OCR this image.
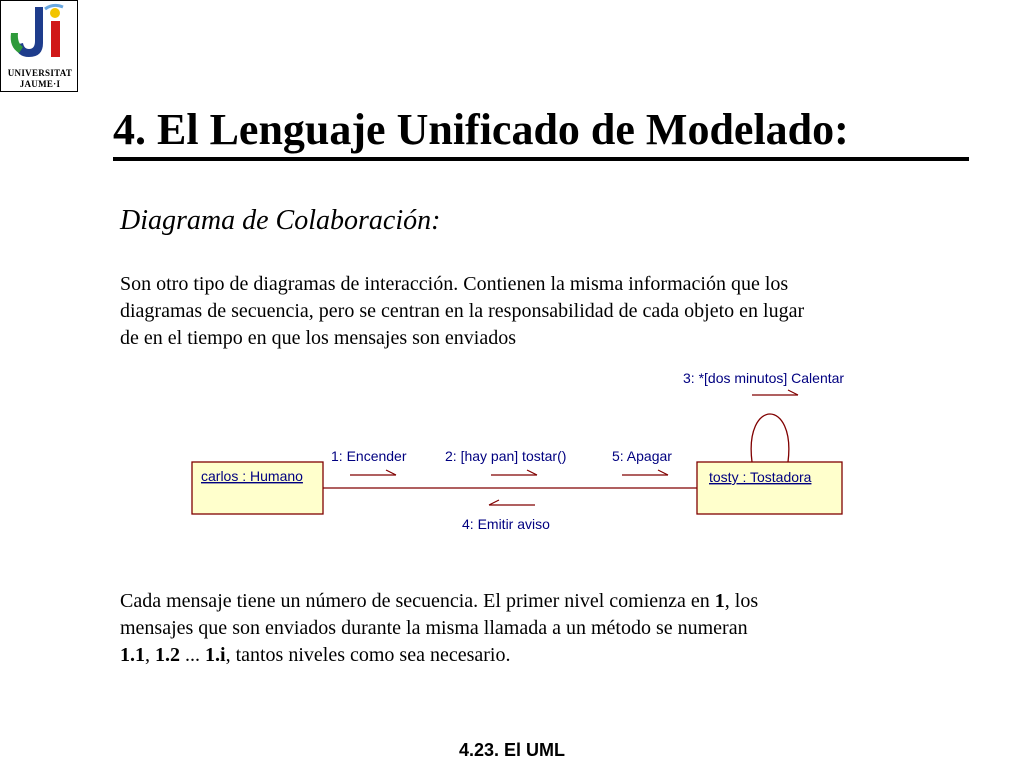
UNIVERSITAT
JAUME·I
4. El Lenguaje Unificado de Modelado:
Diagrama de Colaboración:

Son otro tipo de diagramas de interacción. Contienen la misma información que los
diagramas de secuencia, pero se centran en la responsabilidad de cada objeto en lugar
de en el tiempo en que los mensajes son enviados

carlos : Humano	tosty : Tostadora
1: Encender	2: [hay pan] tostar()	5: Apagar
4: Emitir aviso
3: *[dos minutos] Calentar

Cada mensaje tiene un número de secuencia. El primer nivel comienza en 1, los
mensajes que son enviados durante la misma llamada a un método se numeran
1.1, 1.2 ... 1.i, tantos niveles como sea necesario.

4.23. El UML
